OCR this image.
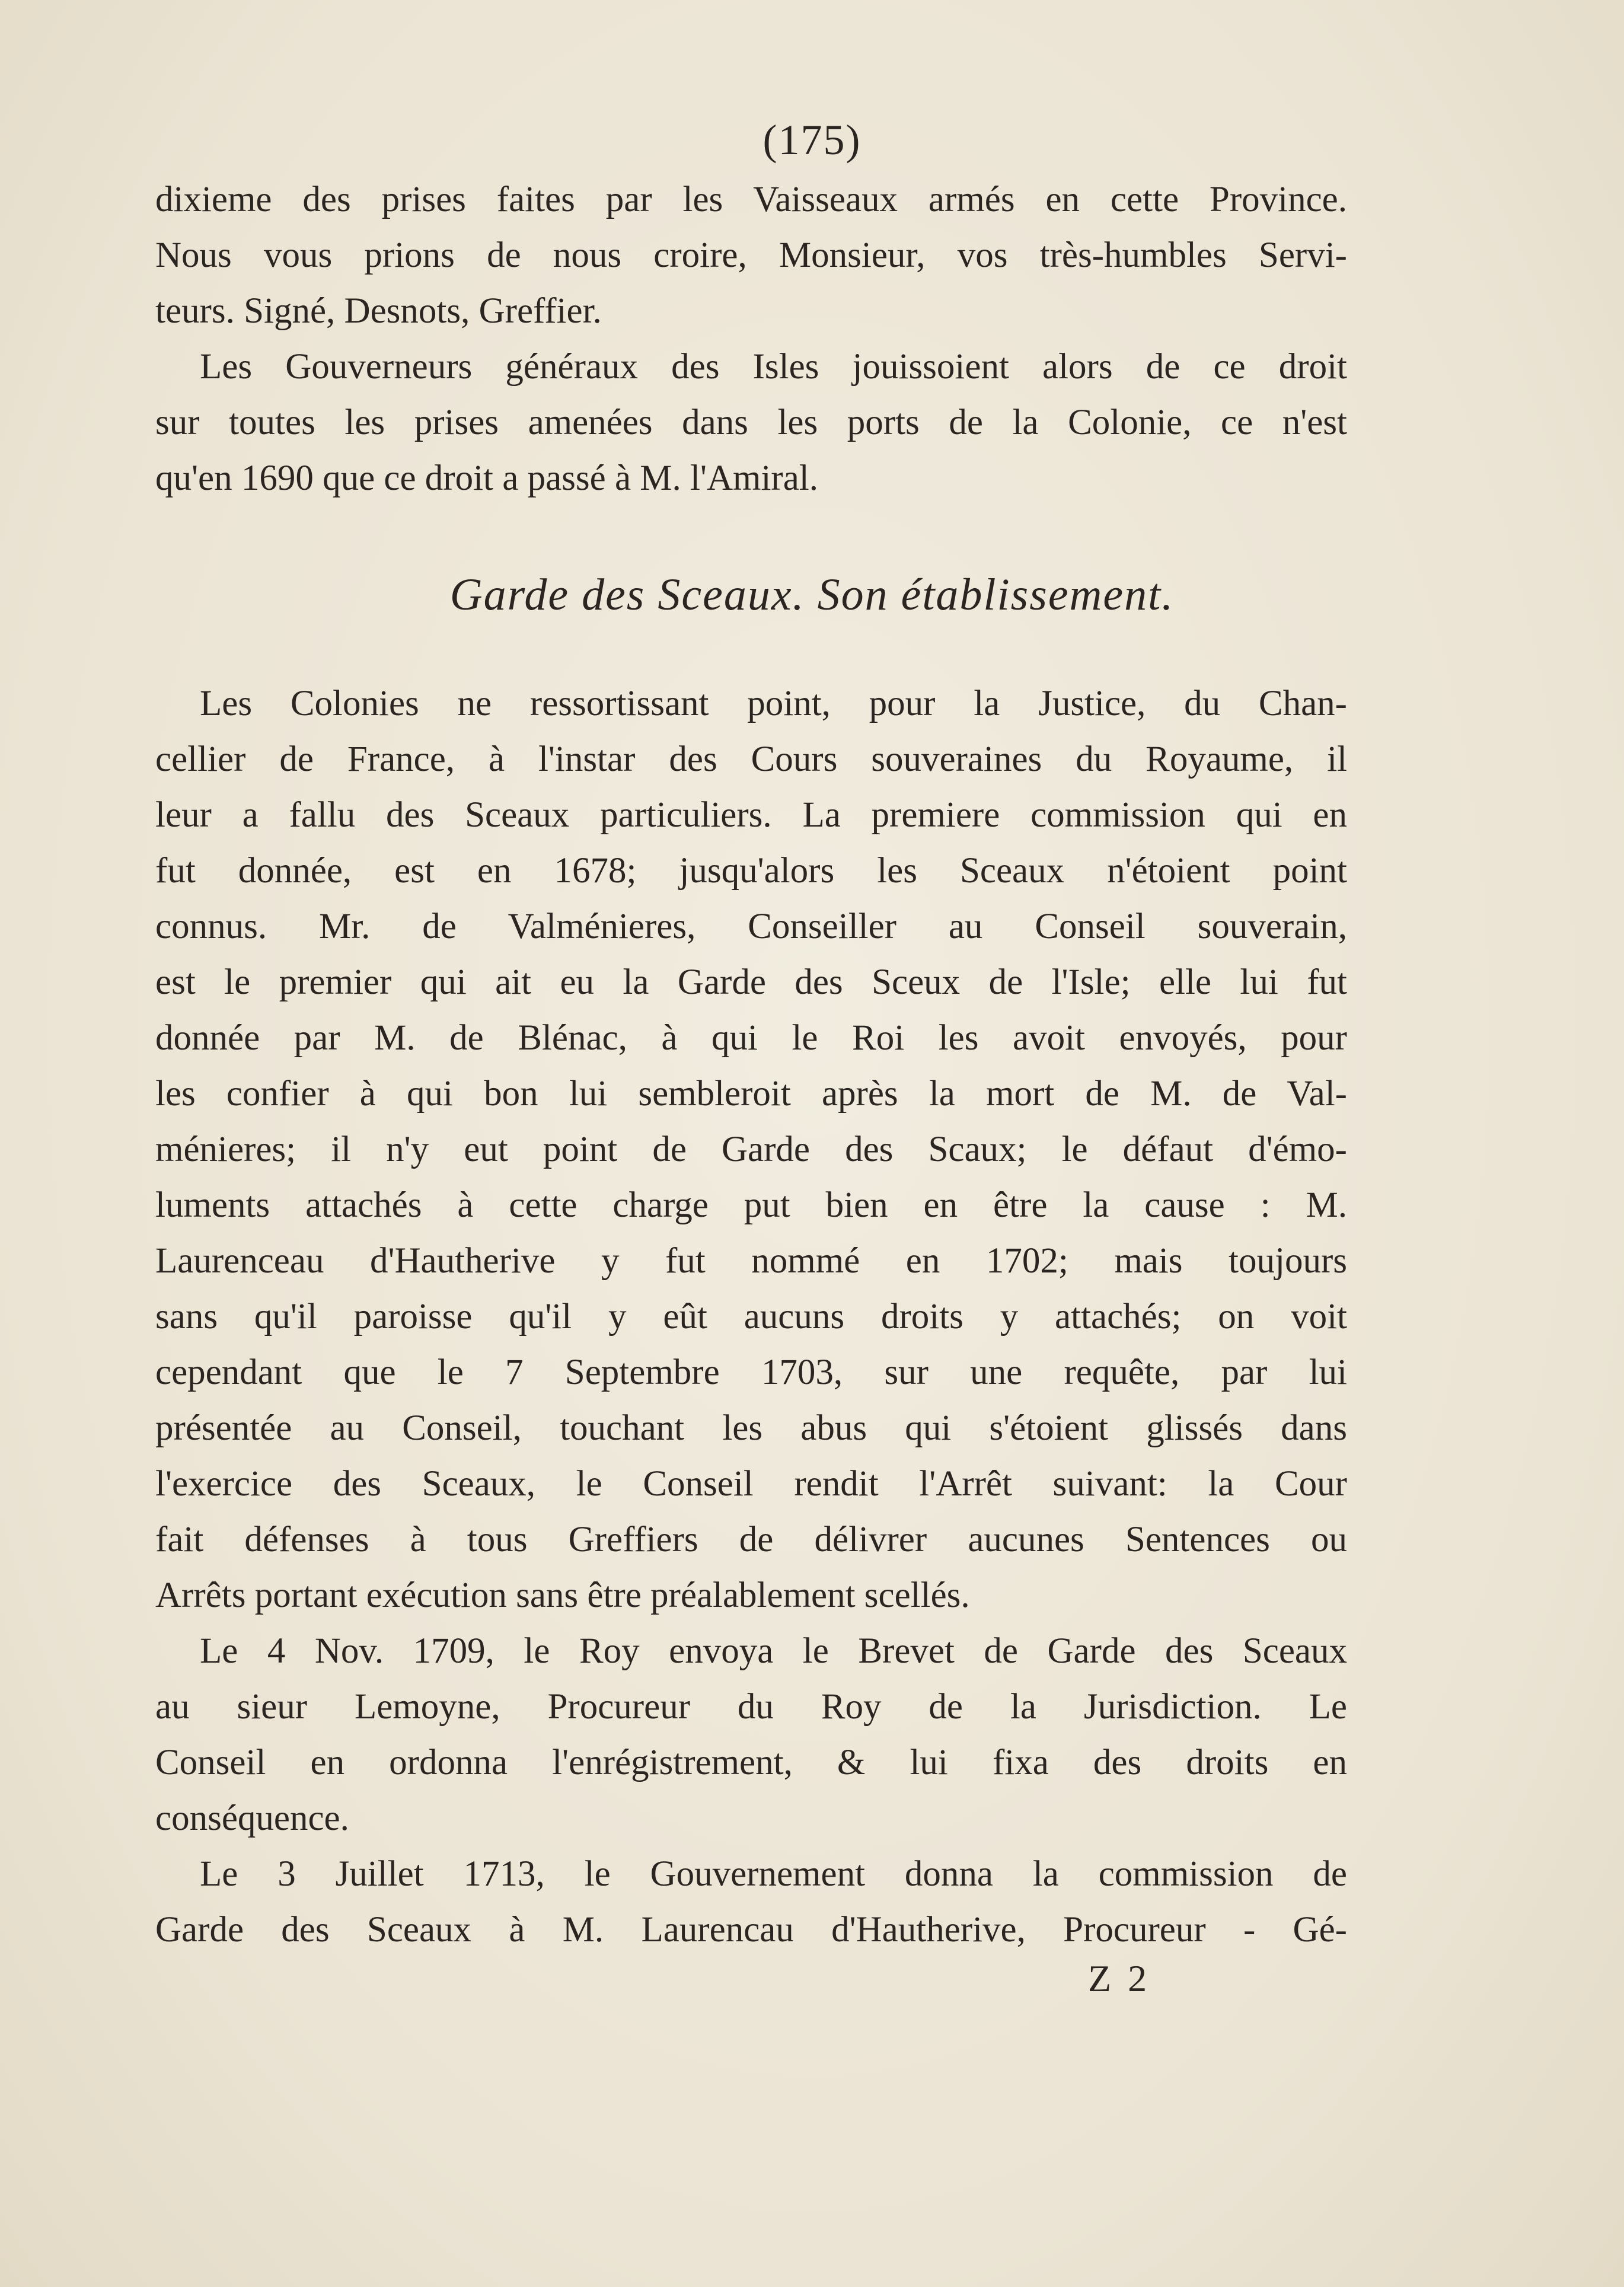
(175)
dixieme des prises faites par les Vaisseaux armés en cette Province.
Nous vous prions de nous croire, Monsieur, vos très-humbles Servi-
teurs. Signé, Desnots, Greffier.
Les Gouverneurs généraux des Isles jouissoient alors de ce droit
sur toutes les prises amenées dans les ports de la Colonie, ce n'est
qu'en 1690 que ce droit a passé à M. l'Amiral.
Garde des Sceaux. Son établissement.
Les Colonies ne ressortissant point, pour la Justice, du Chan-
cellier de France, à l'instar des Cours souveraines du Royaume, il
leur a fallu des Sceaux particuliers. La premiere commission qui en
fut donnée, est en 1678; jusqu'alors les Sceaux n'étoient point
connus. Mr. de Valménieres, Conseiller au Conseil souverain,
est le premier qui ait eu la Garde des Sceux de l'Isle; elle lui fut
donnée par M. de Blénac, à qui le Roi les avoit envoyés, pour
les confier à qui bon lui sembleroit après la mort de M. de Val-
ménieres; il n'y eut point de Garde des Scaux; le défaut d'émo-
luments attachés à cette charge put bien en être la cause : M.
Laurenceau d'Hautherive y fut nommé en 1702; mais toujours
sans qu'il paroisse qu'il y eût aucuns droits y attachés; on voit
cependant que le 7 Septembre 1703, sur une requête, par lui
présentée au Conseil, touchant les abus qui s'étoient glissés dans
l'exercice des Sceaux, le Conseil rendit l'Arrêt suivant: la Cour
fait défenses à tous Greffiers de délivrer aucunes Sentences ou
Arrêts portant exécution sans être préalablement scellés.
Le 4 Nov. 1709, le Roy envoya le Brevet de Garde des Sceaux
au sieur Lemoyne, Procureur du Roy de la Jurisdiction. Le
Conseil en ordonna l'enrégistrement, & lui fixa des droits en
conséquence.
Le 3 Juillet 1713, le Gouvernement donna la commission de
Garde des Sceaux à M. Laurencau d'Hautherive, Procureur - Gé-
Z 2
